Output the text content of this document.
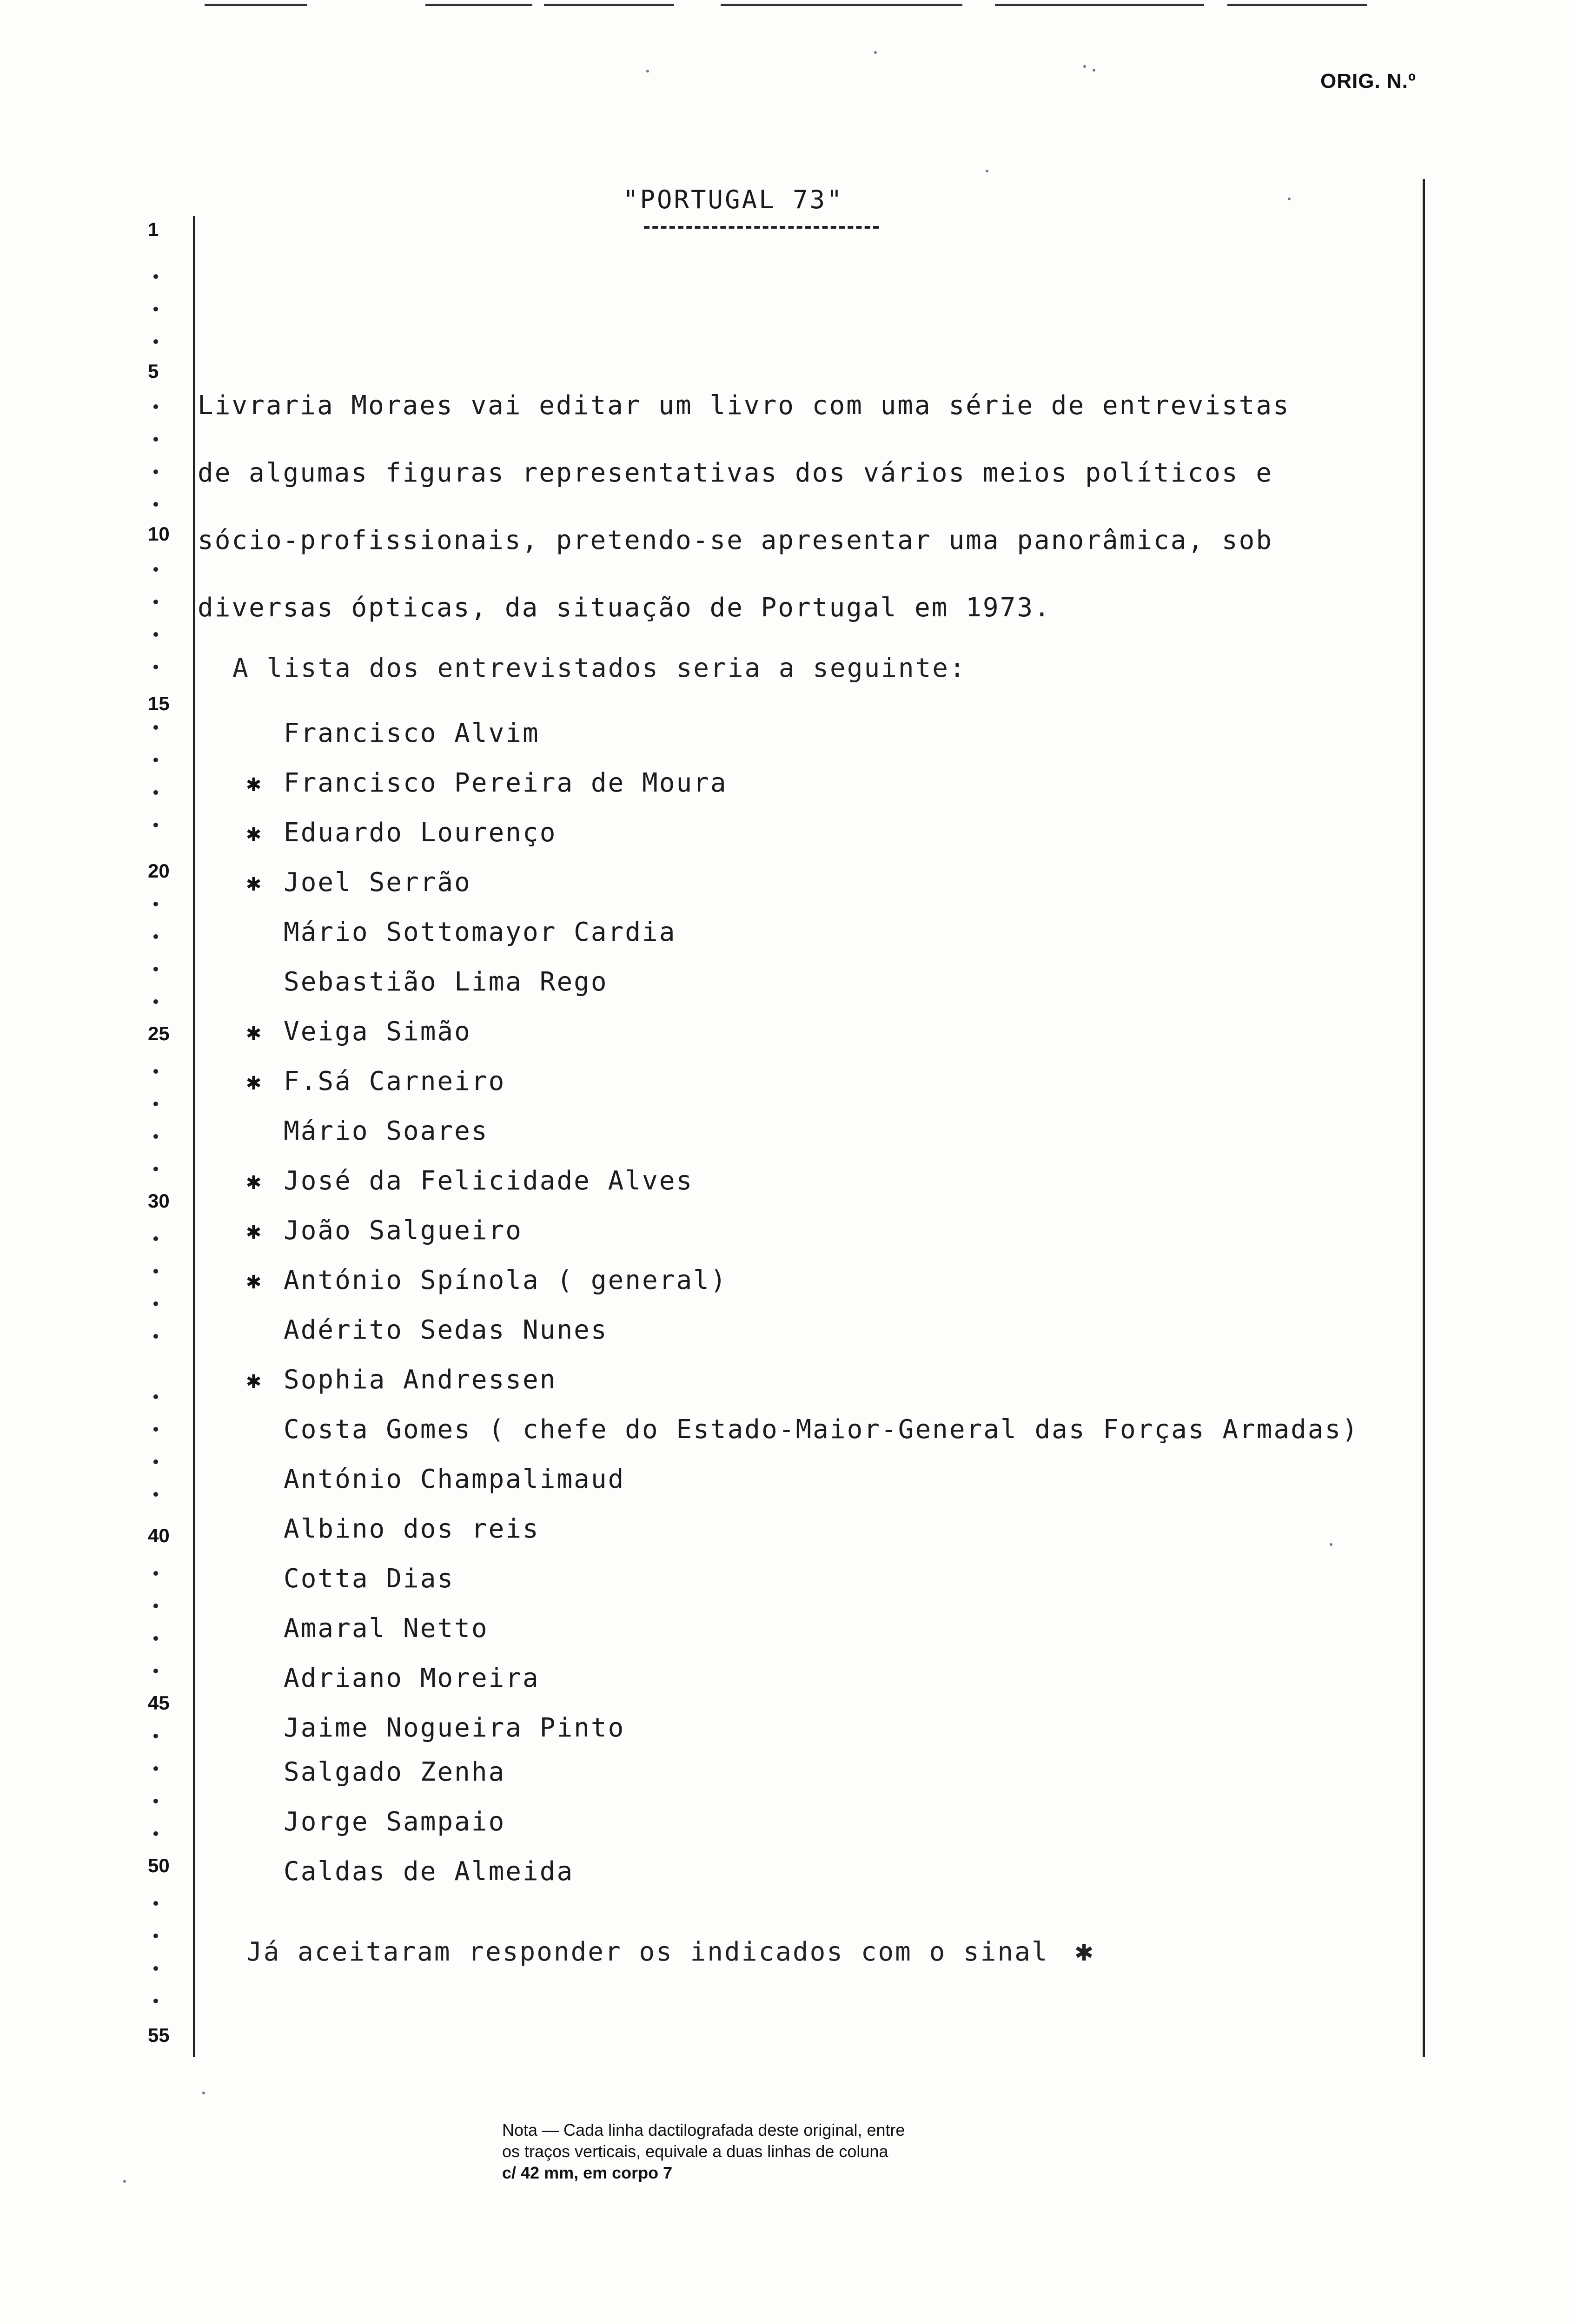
ORIG. N.º
"PORTUGAL 73"
1
5
10
15
20
25
30
40
45
50
55
Livraria Moraes vai editar um livro com uma série de entrevistas
de algumas figuras representativas dos vários meios políticos e
sócio-profissionais, pretendo-se apresentar uma panorâmica, sob
diversas ópticas, da situação de Portugal em 1973.
A lista dos entrevistados seria a seguinte:
Francisco Alvim
✱ Francisco Pereira de Moura
✱ Eduardo Lourenço
✱ Joel Serrão
Mário Sottomayor Cardia
Sebastião Lima Rego
✱ Veiga Simão
✱ F.Sá Carneiro
Mário Soares
✱ José da Felicidade Alves
✱ João Salgueiro
✱ António Spínola ( general)
Adérito Sedas Nunes
✱ Sophia Andressen
Costa Gomes ( chefe do Estado-Maior-General das Forças Armadas)
António Champalimaud
Albino dos reis
Cotta Dias
Amaral Netto
Adriano Moreira
Jaime Nogueira Pinto
Salgado Zenha
Jorge Sampaio
Caldas de Almeida
Já aceitaram responder os indicados com o sinal ✱
Nota — Cada linha dactilografada deste original, entre
os traços verticais, equivale a duas linhas de coluna
c/ 42 mm, em corpo 7
